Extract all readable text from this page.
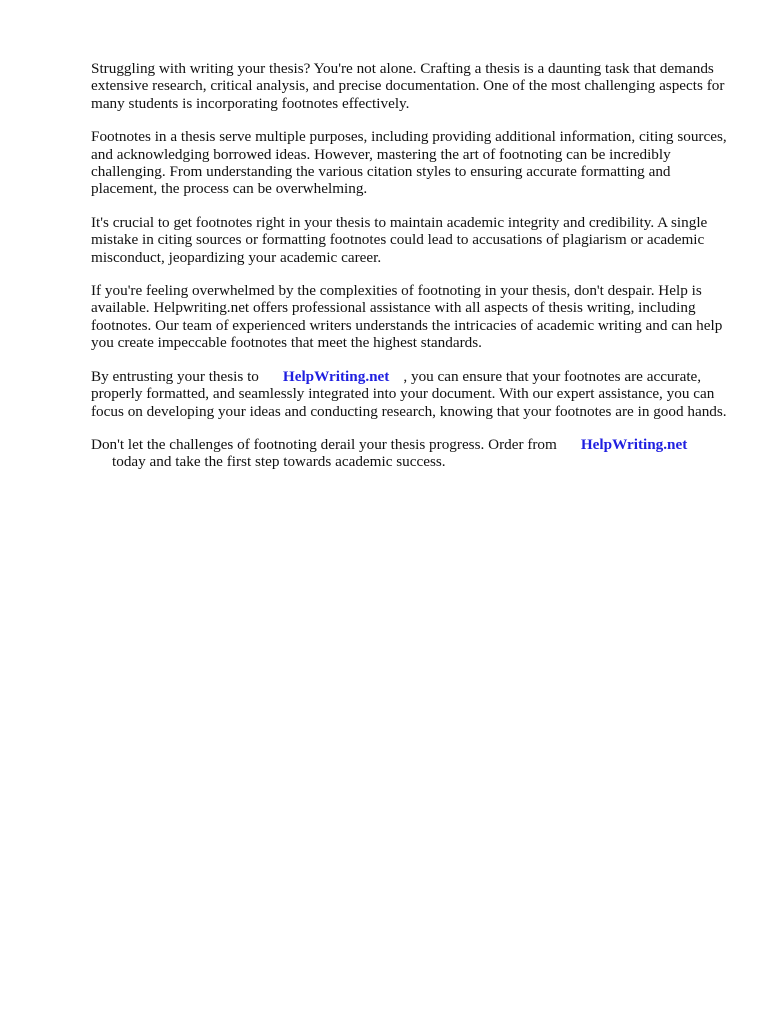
Struggling with writing your thesis? You're not alone. Crafting a thesis is a daunting task that demands extensive research, critical analysis, and precise documentation. One of the most challenging aspects for many students is incorporating footnotes effectively.

Footnotes in a thesis serve multiple purposes, including providing additional information, citing sources, and acknowledging borrowed ideas. However, mastering the art of footnoting can be incredibly challenging. From understanding the various citation styles to ensuring accurate formatting and placement, the process can be overwhelming.

It's crucial to get footnotes right in your thesis to maintain academic integrity and credibility. A single mistake in citing sources or formatting footnotes could lead to accusations of plagiarism or academic misconduct, jeopardizing your academic career.

If you're feeling overwhelmed by the complexities of footnoting in your thesis, don't despair. Help is available. Helpwriting.net offers professional assistance with all aspects of thesis writing, including footnotes. Our team of experienced writers understands the intricacies of academic writing and can help you create impeccable footnotes that meet the highest standards.

By entrusting your thesis to HelpWriting.net , you can ensure that your footnotes are accurate, properly formatted, and seamlessly integrated into your document. With our expert assistance, you can focus on developing your ideas and conducting research, knowing that your footnotes are in good hands.

Don't let the challenges of footnoting derail your thesis progress. Order from HelpWriting.net
today and take the first step towards academic success.
